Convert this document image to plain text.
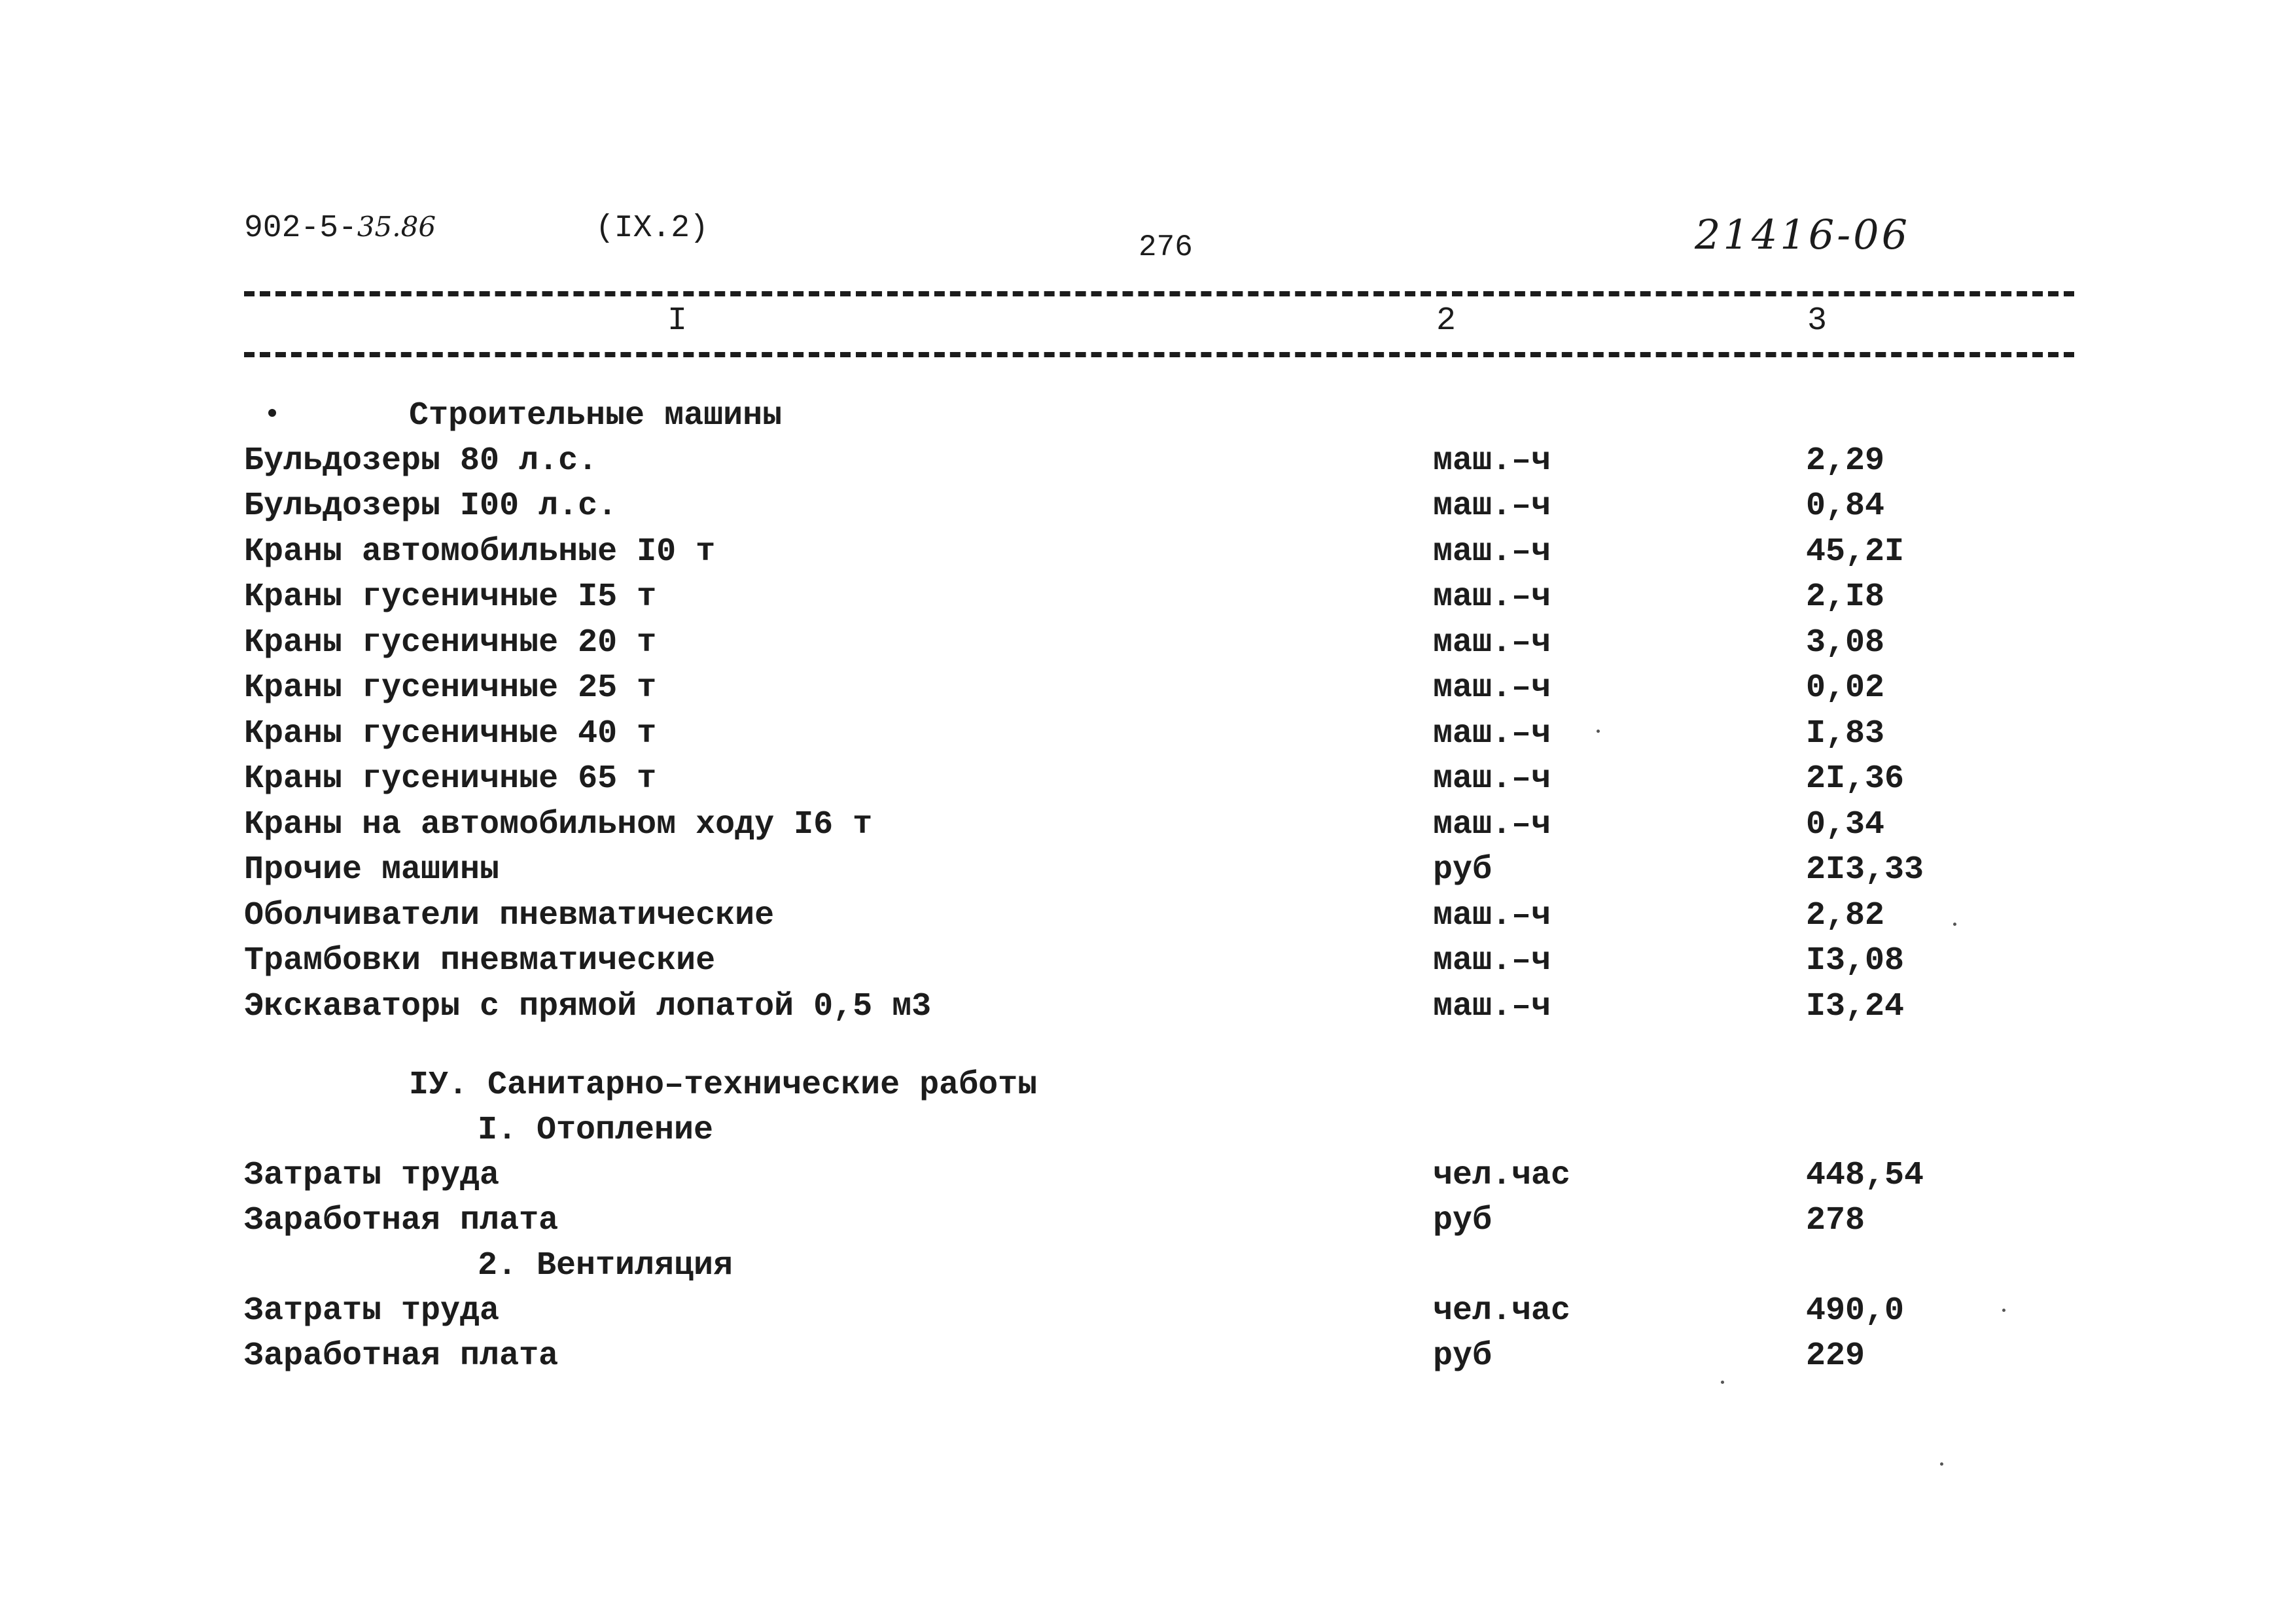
902-5-35.86	(IX.2)
276	21416-06
I	2	3
Строительные машины
Бульдозеры 80 л.с.	маш.–ч	2,29
Бульдозеры I00 л.с.	маш.–ч	0,84
Краны автомобильные I0 т	маш.–ч	45,2I
Краны гусеничные I5 т	маш.–ч	2,I8
Краны гусеничные 20 т	маш.–ч	3,08
Краны гусеничные 25 т	маш.–ч	0,02
Краны гусеничные 40 т	маш.–ч	I,83
Краны гусеничные 65 т	маш.–ч	2I,36
Краны на автомобильном ходу I6 т	маш.–ч	0,34
Прочие машины	руб	2I3,33
Оболчиватели пневматические	маш.–ч	2,82
Трамбовки пневматические	маш.–ч	I3,08
Экскаваторы с прямой лопатой 0,5 м3	маш.–ч	I3,24
IУ. Санитарно–технические работы
I. Отопление
Затраты труда	чел.час	448,54
Заработная плата	руб	278
2. Вентиляция
Затраты труда	чел.час	490,0
Заработная плата	руб	229
